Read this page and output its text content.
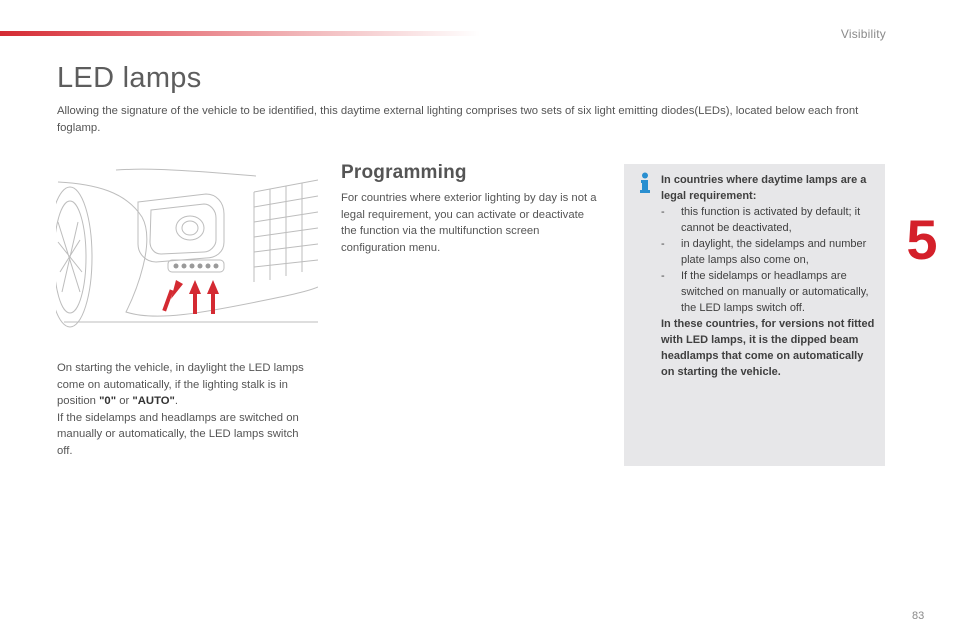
Visibility
5
LED lamps

Allowing the signature of the vehicle to be identified, this daytime external lighting comprises two sets of six light emitting diodes(LEDs), located below each front foglamp.

On starting the vehicle, in daylight the LED lamps come on automatically, if the lighting stalk is in position "0" or "AUTO".
If the sidelamps and headlamps are switched on manually or automatically, the LED lamps switch off.

Programming

For countries where exterior lighting by day is not a legal requirement, you can activate or deactivate the function via the multifunction screen configuration menu.

In countries where daytime lamps are a legal requirement:

- this function is activated by default; it cannot be deactivated,
- in daylight, the sidelamps and number plate lamps also come on,
- If the sidelamps or headlamps are switched on manually or automatically, the LED lamps switch off.

In these countries, for versions not fitted with LED lamps, it is the dipped beam headlamps that come on automatically on starting the vehicle.

83
